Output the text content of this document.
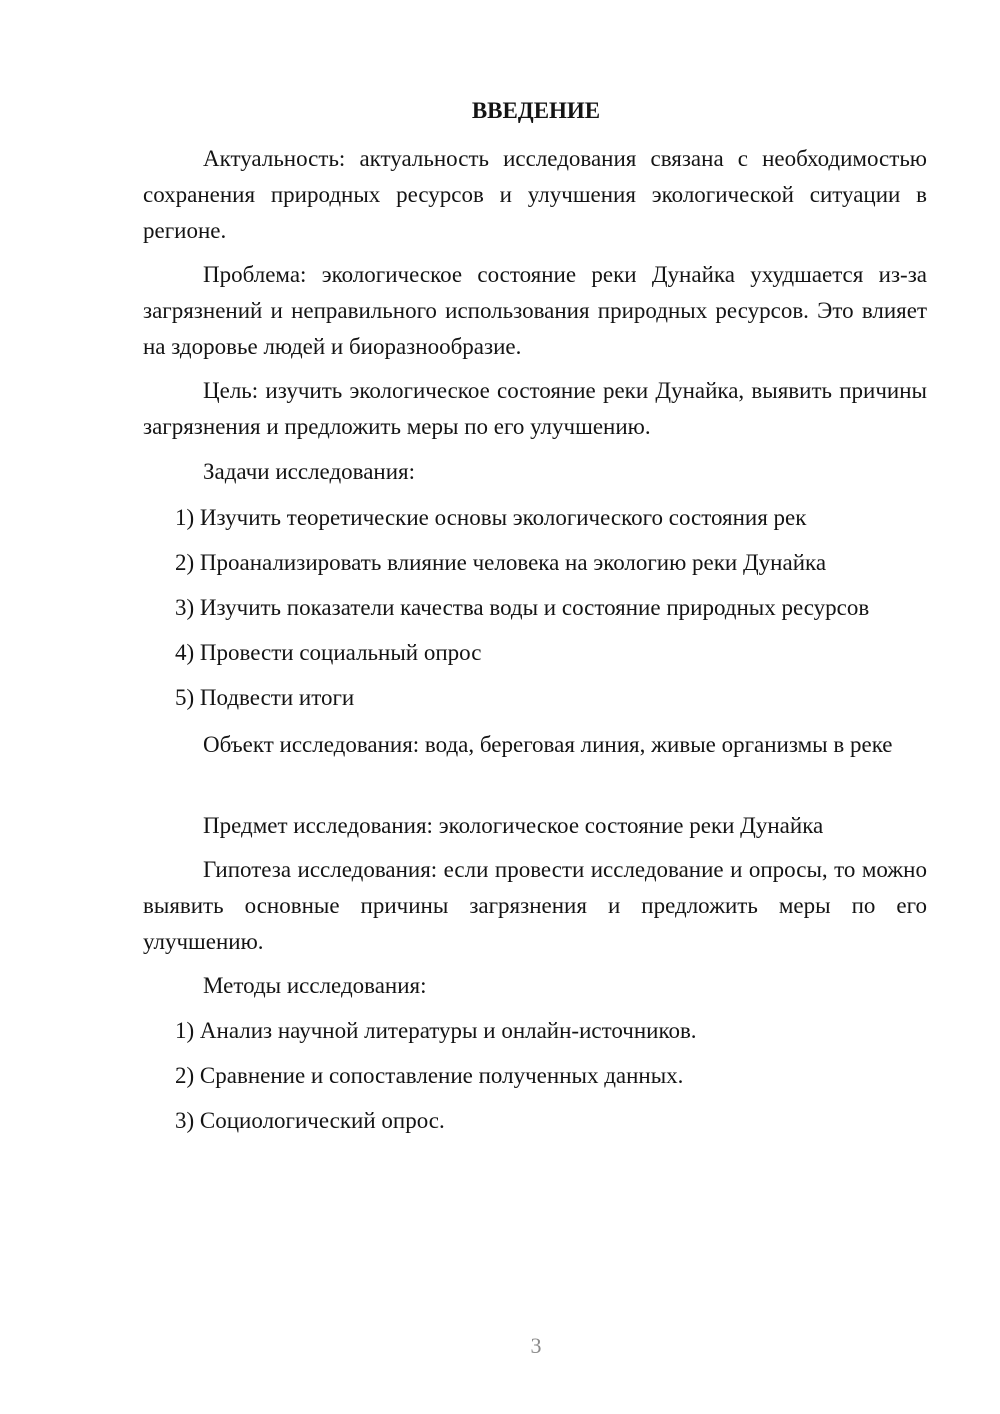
ВВЕДЕНИЕ

Актуальность: актуальность исследования связана с необходимостью сохранения природных ресурсов и улучшения экологической ситуации в регионе.

Проблема: экологическое состояние реки Дунайка ухудшается из-за загрязнений и неправильного использования природных ресурсов. Это влияет на здоровье людей и биоразнообразие.

Цель: изучить экологическое состояние реки Дунайка, выявить причины загрязнения и предложить меры по его улучшению.

Задачи исследования:

1) Изучить теоретические основы экологического состояния рек

2) Проанализировать влияние человека на экологию реки Дунайка

3) Изучить показатели качества воды и состояние природных ресурсов

4) Провести социальный опрос

5) Подвести итоги

Объект исследования: вода, береговая линия, живые организмы в реке

Предмет исследования: экологическое состояние реки Дунайка

Гипотеза исследования: если провести исследование и опросы, то можно выявить основные причины загрязнения и предложить меры по его улучшению.

Методы исследования:

1) Анализ научной литературы и онлайн-источников.

2) Сравнение и сопоставление полученных данных.

3) Социологический опрос.

3
